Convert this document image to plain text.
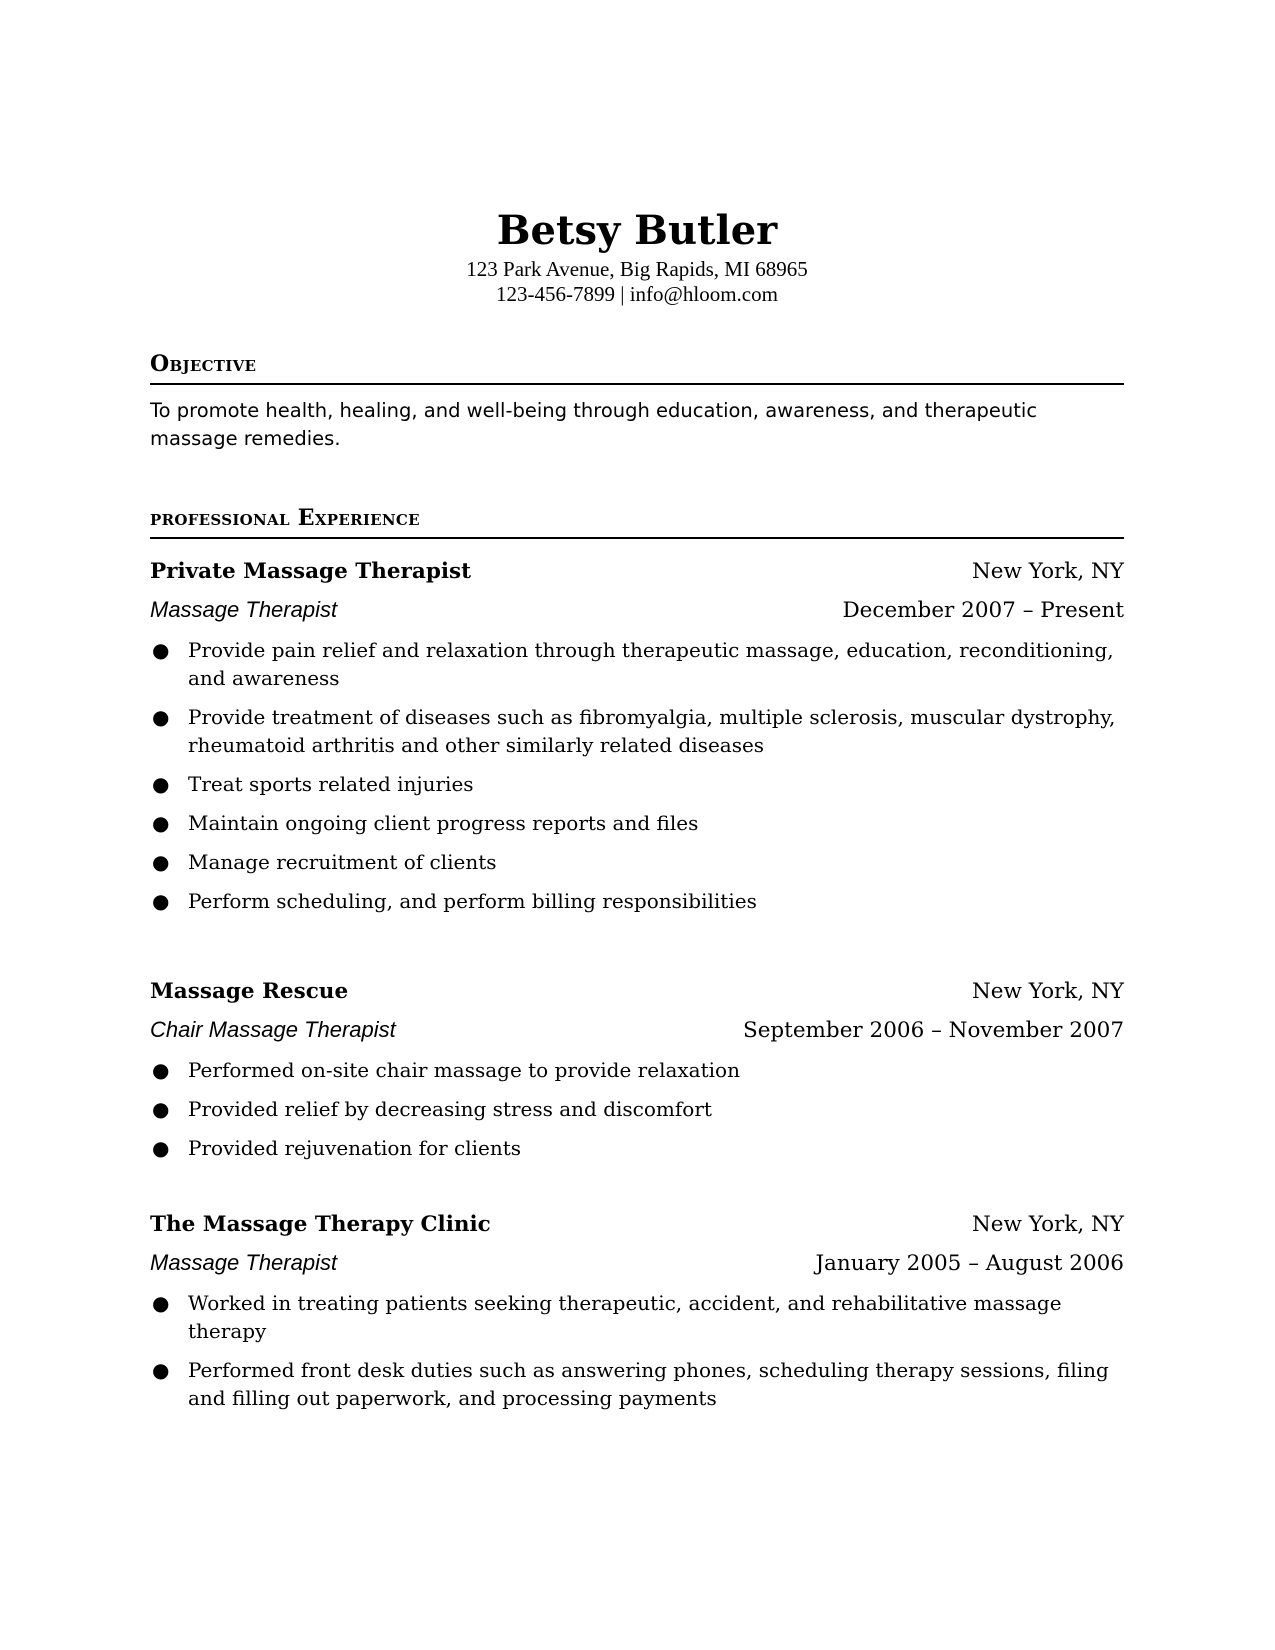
Betsy Butler
123 Park Avenue, Big Rapids, MI 68965
123-456-7899 | info@hloom.com
Objective
To promote health, healing, and well-being through education, awareness, and therapeutic massage remedies.
professional Experience
Private Massage Therapist	New York, NY
Massage Therapist	December 2007 – Present
● Provide pain relief and relaxation through therapeutic massage, education, reconditioning, and awareness
● Provide treatment of diseases such as fibromyalgia, multiple sclerosis, muscular dystrophy, rheumatoid arthritis and other similarly related diseases
● Treat sports related injuries
● Maintain ongoing client progress reports and files
● Manage recruitment of clients
● Perform scheduling, and perform billing responsibilities
Massage Rescue	New York, NY
Chair Massage Therapist	September 2006 – November 2007
● Performed on-site chair massage to provide relaxation
● Provided relief by decreasing stress and discomfort
● Provided rejuvenation for clients
The Massage Therapy Clinic	New York, NY
Massage Therapist	January 2005 – August 2006
● Worked in treating patients seeking therapeutic, accident, and rehabilitative massage therapy
● Performed front desk duties such as answering phones, scheduling therapy sessions, filing and filling out paperwork, and processing payments
